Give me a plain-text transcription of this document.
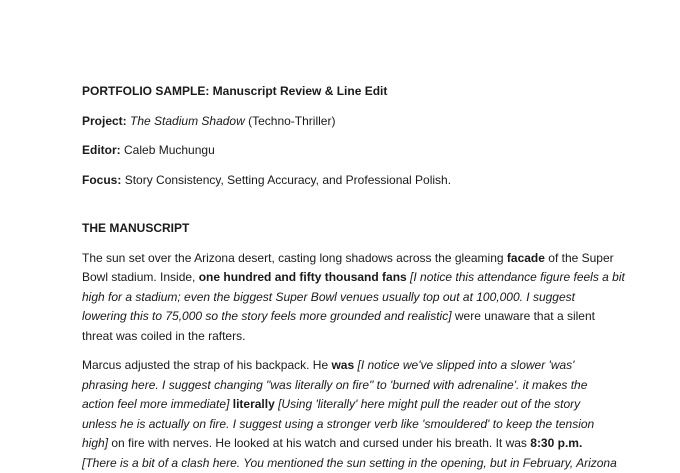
PORTFOLIO SAMPLE: Manuscript Review & Line Edit

Project: The Stadium Shadow (Techno-Thriller)

Editor: Caleb Muchungu

Focus: Story Consistency, Setting Accuracy, and Professional Polish.

THE MANUSCRIPT

The sun set over the Arizona desert, casting long shadows across the gleaming facade of the Super

Bowl stadium. Inside, one hundred and fifty thousand fans [I notice this attendance figure feels a bit

high for a stadium; even the biggest Super Bowl venues usually top out at 100,000. I suggest

lowering this to 75,000 so the story feels more grounded and realistic] were unaware that a silent

threat was coiled in the rafters.

Marcus adjusted the strap of his backpack. He was [I notice we've slipped into a slower 'was'

phrasing here. I suggest changing "was literally on fire" to 'burned with adrenaline'. it makes the

action feel more immediate] literally [Using 'literally' here might pull the reader out of the story

unless he is actually on fire. I suggest using a stronger verb like 'smouldered' to keep the tension

high] on fire with nerves. He looked at his watch and cursed under his breath. It was 8:30 p.m.

[There is a bit of a clash here. You mentioned the sun setting in the opening, but in February, Arizona
